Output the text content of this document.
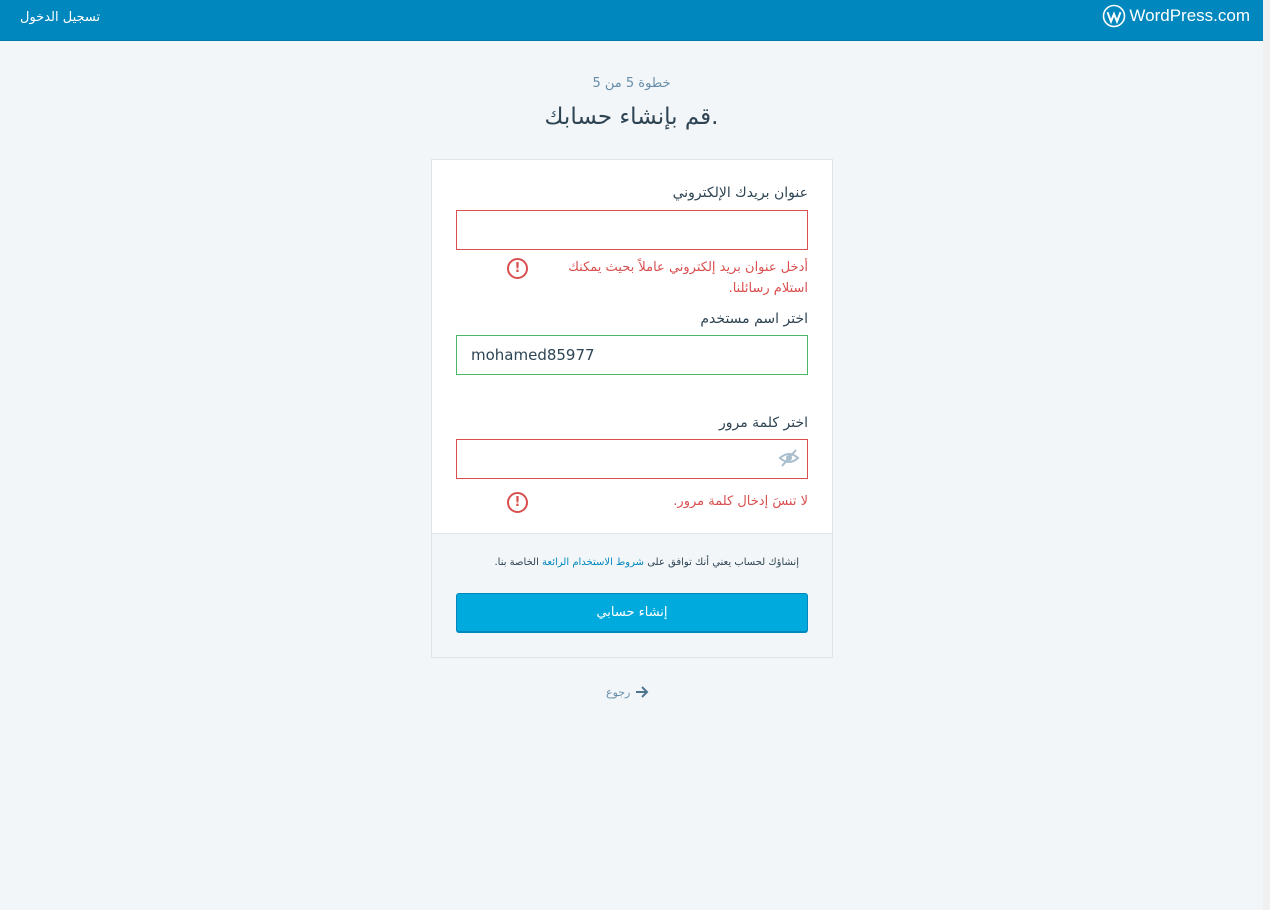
تسجيل الدخول	WordPress.com
خطوة 5 من 5
قم بإنشاء حسابك.
عنوان بريدك الإلكتروني
!	أدخل عنوان بريد إلكتروني عاملاً بحيث يمكنك استلام رسائلنا.
اختر اسم مستخدم
mohamed85977
اختر كلمة مرور
!	لا تنسَ إدخال كلمة مرور.

إنشاؤك لحساب يعني أنك توافق على شروط الاستخدام الرائعة الخاصة بنا.

إنشاء حسابي
رجوع
